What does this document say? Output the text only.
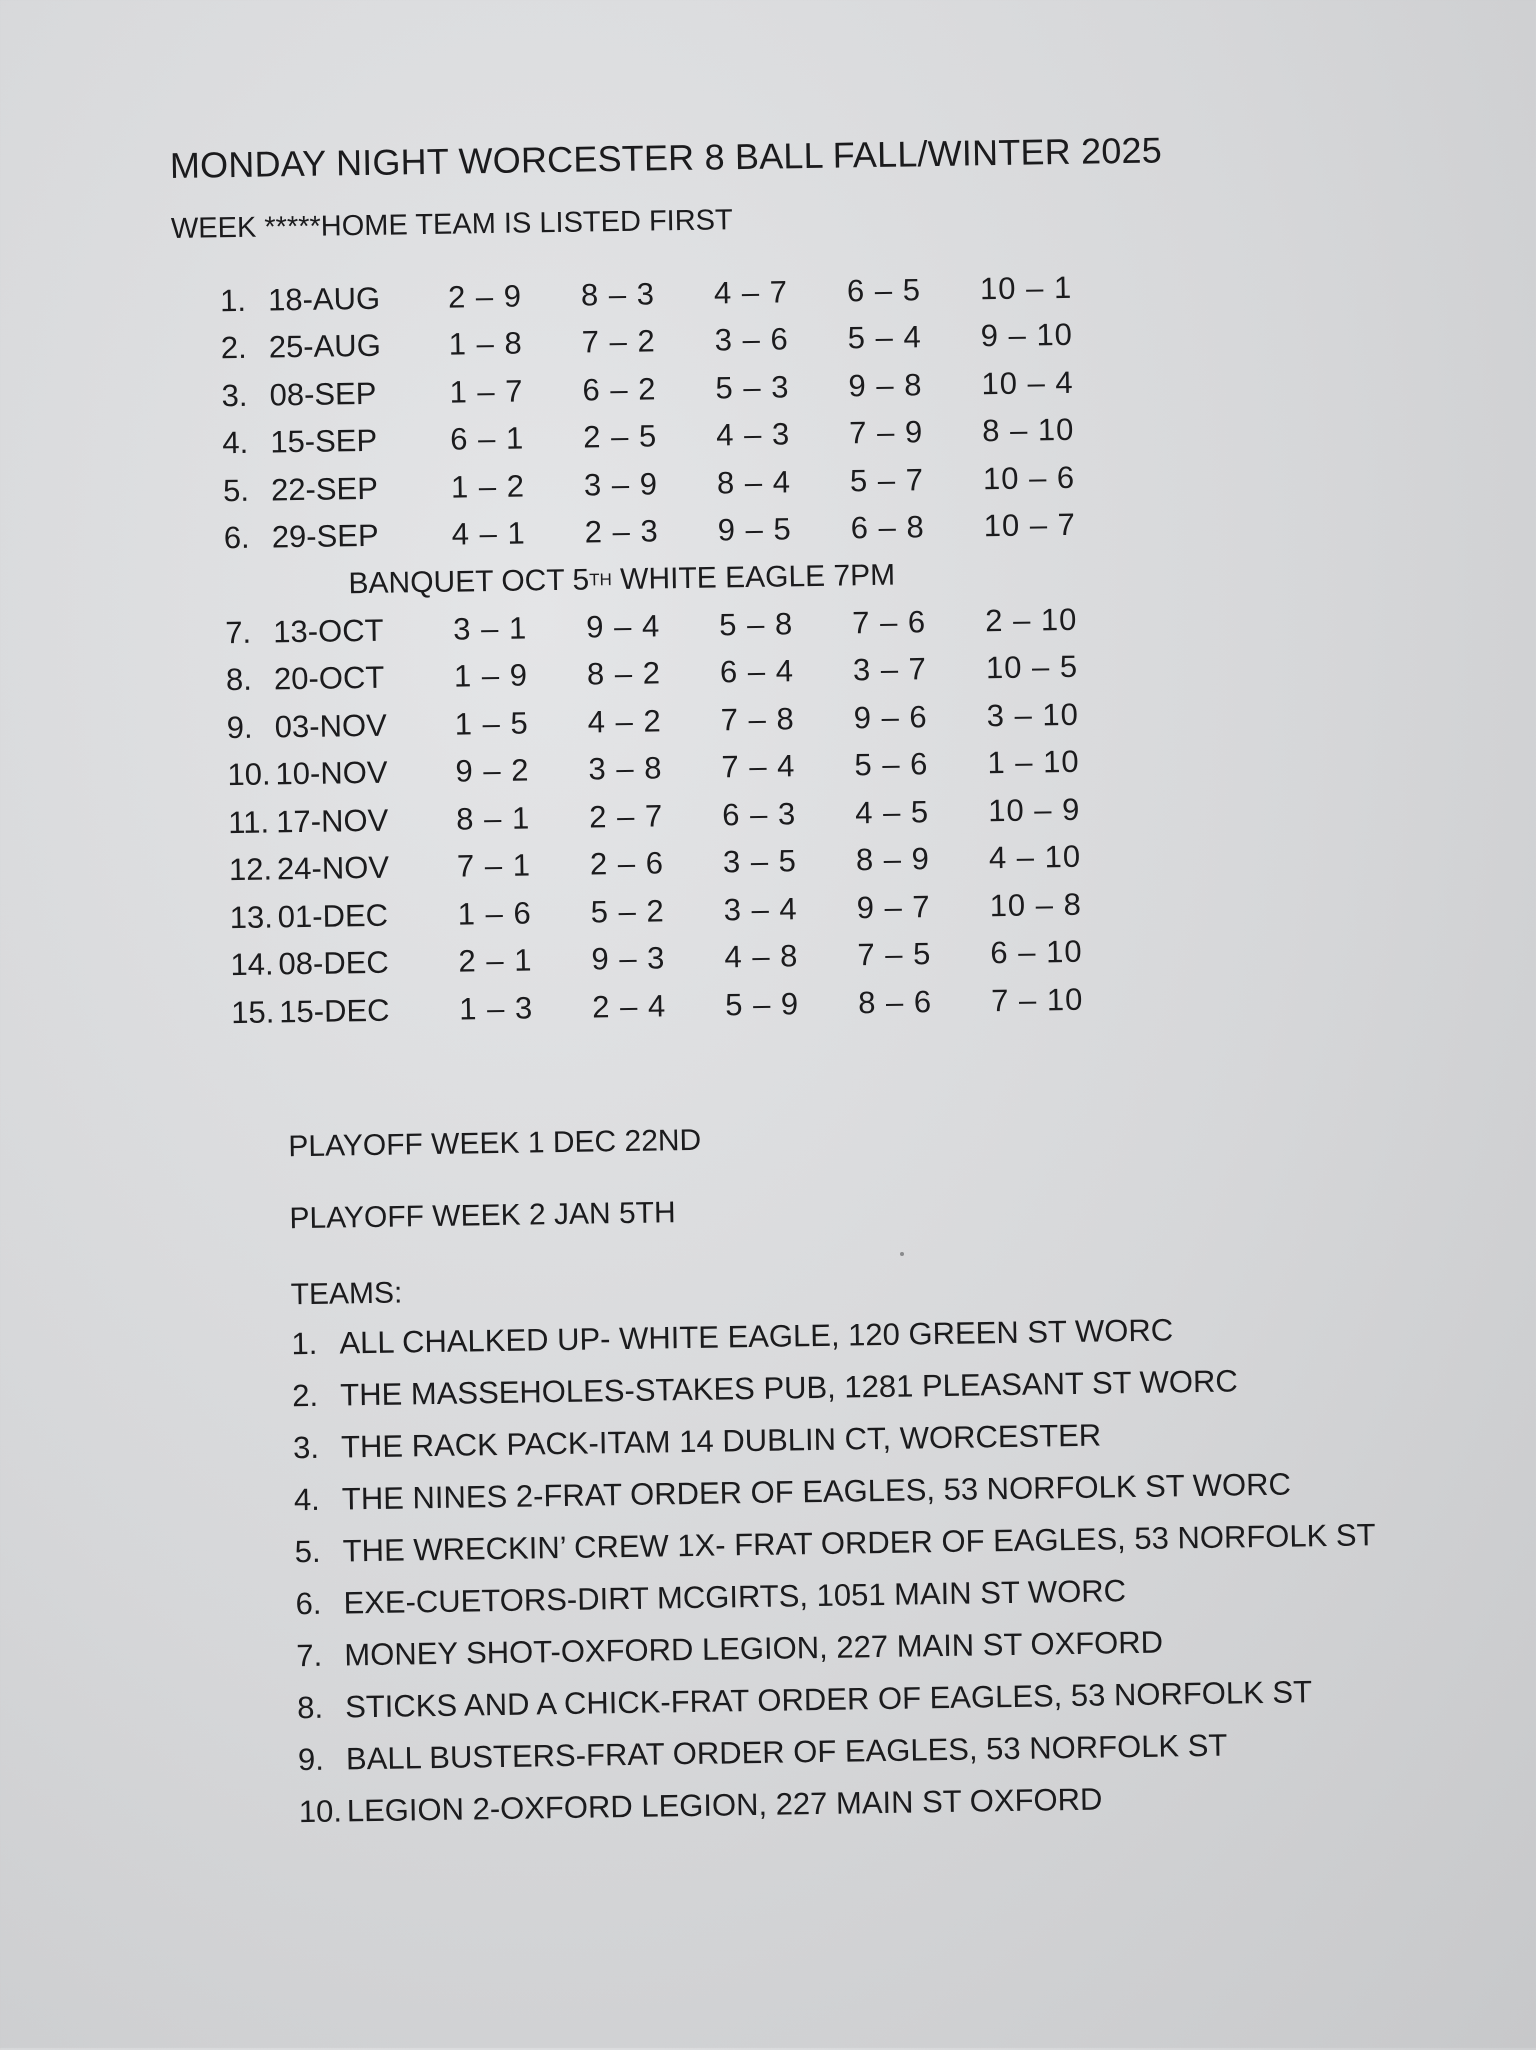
MONDAY NIGHT WORCESTER 8 BALL FALL/WINTER 2025
WEEK *****HOME TEAM IS LISTED FIRST
1. 18-AUG	2 – 9	8 – 3	4 – 7	6 – 5	10 – 1
2. 25-AUG	1 – 8	7 – 2	3 – 6	5 – 4	9 – 10
3. 08-SEP	1 – 7	6 – 2	5 – 3	9 – 8	10 – 4
4. 15-SEP	6 – 1	2 – 5	4 – 3	7 – 9	8 – 10
5. 22-SEP	1 – 2	3 – 9	8 – 4	5 – 7	10 – 6
6. 29-SEP	4 – 1	2 – 3	9 – 5	6 – 8	10 – 7
BANQUET OCT 5 TH WHITE EAGLE 7PM
7. 13-OCT	3 – 1	9 – 4	5 – 8	7 – 6	2 – 10
8. 20-OCT	1 – 9	8 – 2	6 – 4	3 – 7	10 – 5
9. 03-NOV	1 – 5	4 – 2	7 – 8	9 – 6	3 – 10
10. 10-NOV	9 – 2	3 – 8	7 – 4	5 – 6	1 – 10
11. 17-NOV	8 – 1	2 – 7	6 – 3	4 – 5	10 – 9
12. 24-NOV	7 – 1	2 – 6	3 – 5	8 – 9	4 – 10
13. 01-DEC	1 – 6	5 – 2	3 – 4	9 – 7	10 – 8
14. 08-DEC	2 – 1	9 – 3	4 – 8	7 – 5	6 – 10
15. 15-DEC	1 – 3	2 – 4	5 – 9	8 – 6	7 – 10
PLAYOFF WEEK 1 DEC 22ND
PLAYOFF WEEK 2 JAN 5TH
TEAMS:
1. ALL CHALKED UP- WHITE EAGLE, 120 GREEN ST WORC
2. THE MASSEHOLES-STAKES PUB, 1281 PLEASANT ST WORC
3. THE RACK PACK-ITAM 14 DUBLIN CT, WORCESTER
4. THE NINES 2-FRAT ORDER OF EAGLES, 53 NORFOLK ST WORC
5. THE WRECKIN’ CREW 1X- FRAT ORDER OF EAGLES, 53 NORFOLK ST
6. EXE-CUETORS-DIRT MCGIRTS, 1051 MAIN ST WORC
7. MONEY SHOT-OXFORD LEGION, 227 MAIN ST OXFORD
8. STICKS AND A CHICK-FRAT ORDER OF EAGLES, 53 NORFOLK ST
9. BALL BUSTERS-FRAT ORDER OF EAGLES, 53 NORFOLK ST
10. LEGION 2-OXFORD LEGION, 227 MAIN ST OXFORD
